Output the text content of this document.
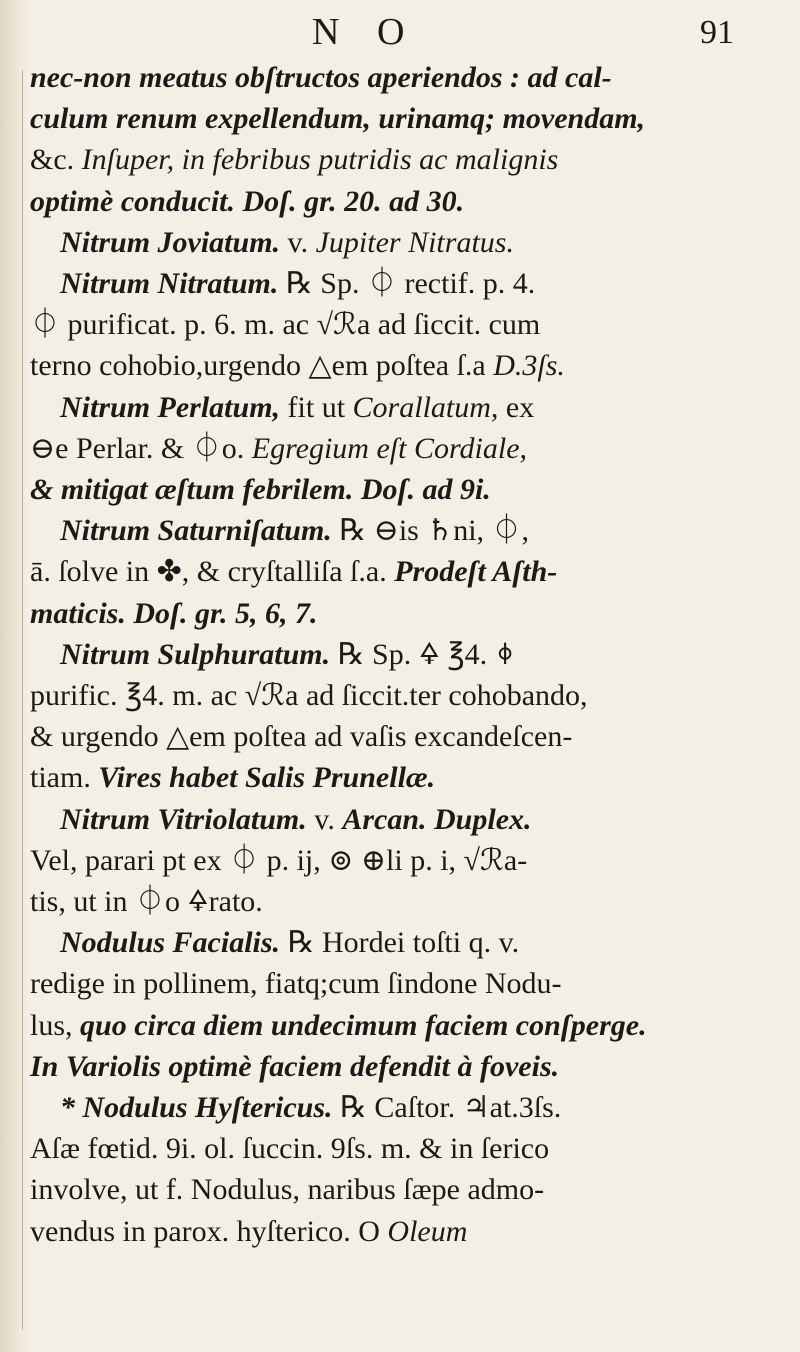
N O	91
nec-non meatus obſtructos aperiendos : ad cal-
culum renum expellendum, urinamq; movendam,
&c. Inſuper, in febribus putridis ac malignis
optimè conducit. Doſ. gr. 20. ad 30.
Nitrum Joviatum. v. Jupiter Nitratus.
Nitrum Nitratum. ℞ Sp. ⏀ rectif. p. 4.
⏀ purificat. p. 6. m. ac √ℛa ad ſiccit. cum
terno cohobio,urgendo △em poſtea ſ.a D.3ſs.
Nitrum Perlatum, fit ut Corallatum, ex
⊖e Perlar. & ⏀o. Egregium eſt Cordiale,
& mitigat æſtum febrilem. Doſ. ad 9i.
Nitrum Saturniſatum. ℞ ⊖is ♄ni, ⏀,
ā. ſolve in ✤, & cryſtalliſa ſ.a. Prodeſt Aſth-
maticis. Doſ. gr. 5, 6, 7.
Nitrum Sulphuratum. ℞ Sp. 🜍 ℥4. ⏀
purific. ℥4. m. ac √ℛa ad ſiccit.ter cohobando,
& urgendo △em poſtea ad vaſis excandeſcen-
tiam. Vires habet Salis Prunellæ.
Nitrum Vitriolatum. v. Arcan. Duplex.
Vel, parari pt ex ⏀ p. ij, ⊚ ⊕li p. i, √ℛa-
tis, ut in ⏀o 🜍rato.
Nodulus Facialis. ℞ Hordei toſti q. v.
redige in pollinem, fiatq;cum ſindone Nodu-
lus, quo circa diem undecimum faciem conſperge.
In Variolis optimè faciem defendit à foveis.
* Nodulus Hyſtericus. ℞ Caſtor. ♃at.3ſs.
Aſæ fœtid. 9i. ol. ſuccin. 9ſs. m. & in ſerico
involve, ut f. Nodulus, naribus ſæpe admo-
vendus in parox. hyſterico. O Oleum
